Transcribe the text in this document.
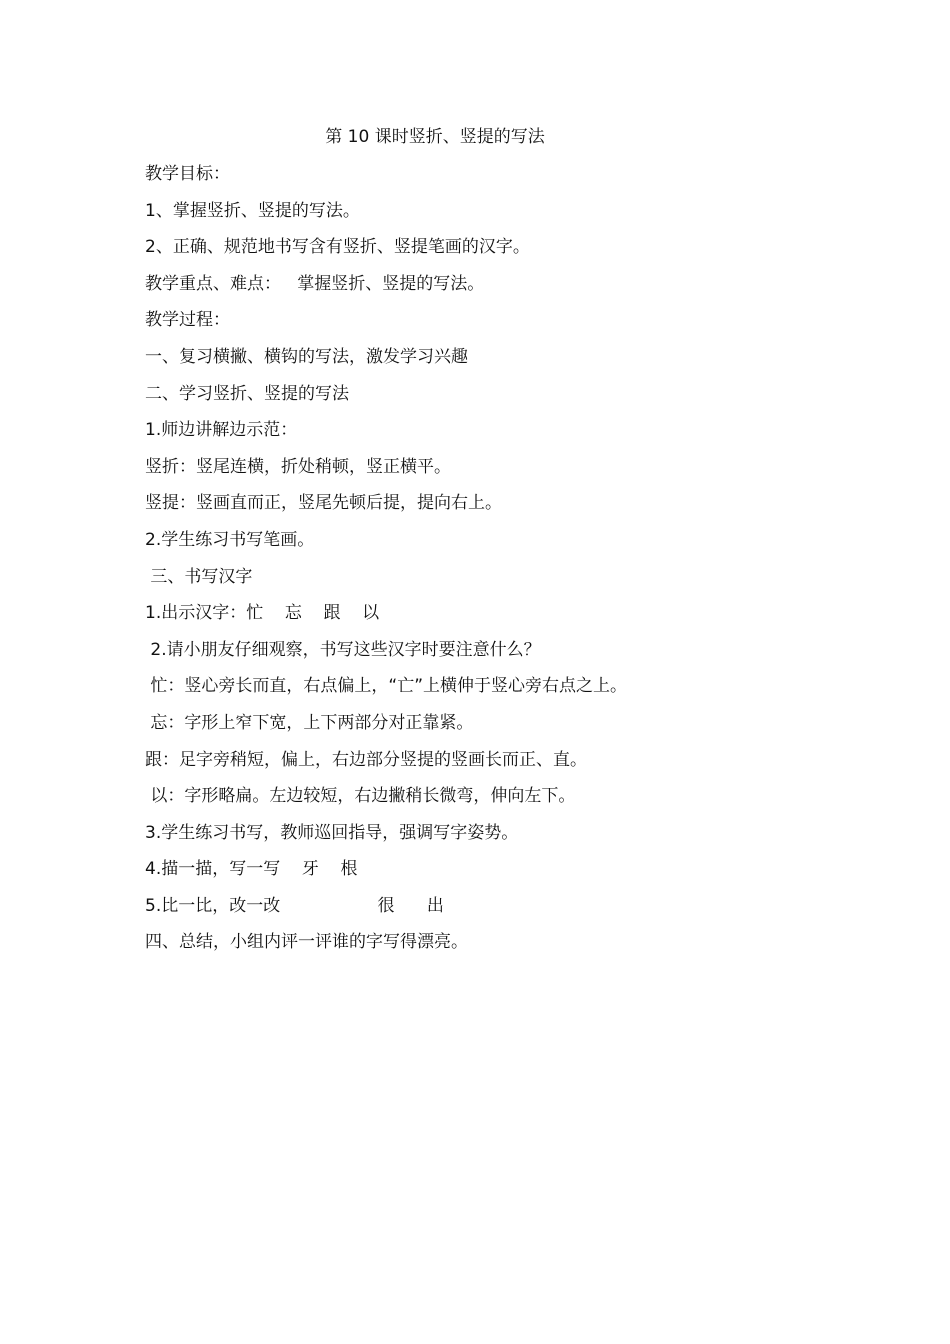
第 10 课时竖折、竖提的写法
教学目标：
1、掌握竖折、竖提的写法。
2、正确、规范地书写含有竖折、竖提笔画的汉字。
教学重点、难点：   掌握竖折、竖提的写法。
教学过程：
一、复习横撇、横钩的写法，激发学习兴趣
二、学习竖折、竖提的写法
1.师边讲解边示范：
竖折：竖尾连横，折处稍顿，竖正横平。
竖提：竖画直而正，竖尾先顿后提，提向右上。
2.学生练习书写笔画。
三、书写汉字
1.出示汉字：忙    忘    跟    以
2.请小朋友仔细观察，书写这些汉字时要注意什么？
忙：竖心旁长而直，右点偏上，“亡”上横伸于竖心旁右点之上。
忘：字形上窄下宽，上下两部分对正靠紧。
跟：足字旁稍短，偏上，右边部分竖提的竖画长而正、直。
以：字形略扁。左边较短，右边撇稍长微弯，伸向左下。
3.学生练习书写，教师巡回指导，强调写字姿势。
4.描一描，写一写    牙    根
5.比一比，改一改                  很      出
四、总结，小组内评一评谁的字写得漂亮。
